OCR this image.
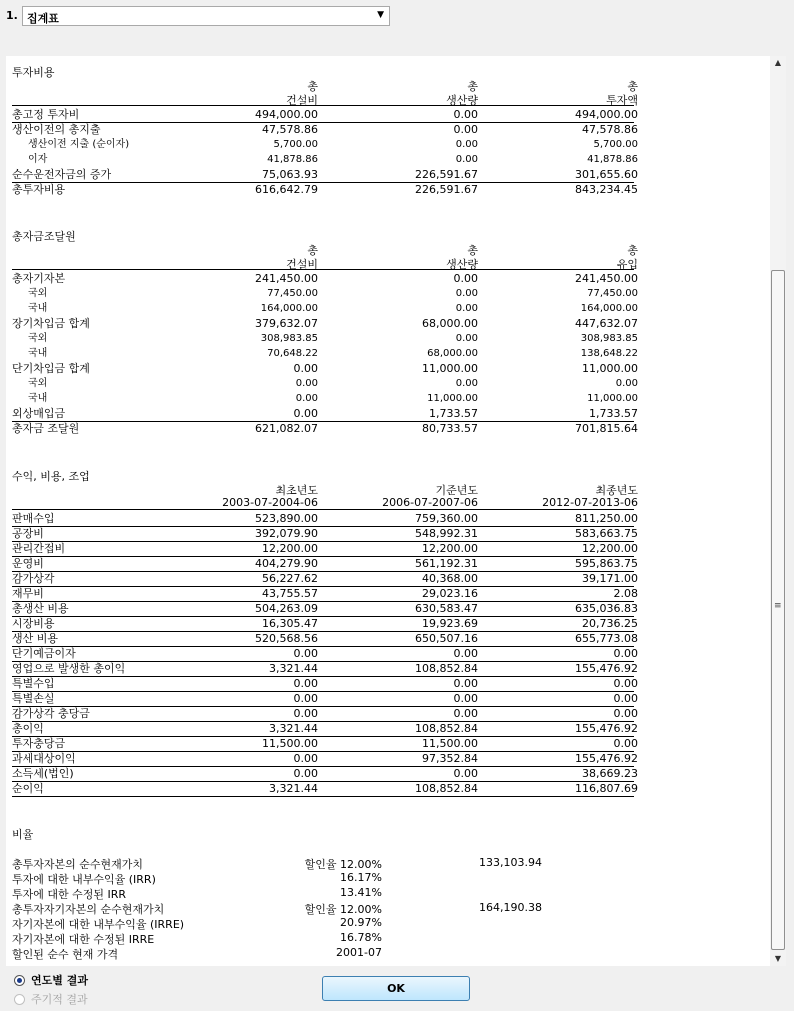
1. 집계표	▼
투자비용
총	총	총
건설비	생산량	투자액
총고정 투자비	494,000.00	0.00	494,000.00
생산이전의 총지출	47,578.86	0.00	47,578.86
생산이전 지출 (순이자)	5,700.00	0.00	5,700.00
이자	41,878.86	0.00	41,878.86
순수운전자금의 증가	75,063.93	226,591.67	301,655.60
총투자비용	616,642.79	226,591.67	843,234.45
총자금조달원
총	총	총
건설비	생산량	유입
총자기자본	241,450.00	0.00	241,450.00
국외	77,450.00	0.00	77,450.00
국내	164,000.00	0.00	164,000.00
장기차입금 합계	379,632.07	68,000.00	447,632.07
국외	308,983.85	0.00	308,983.85
국내	70,648.22	68,000.00	138,648.22
단기차입금 합계	0.00	11,000.00	11,000.00
국외	0.00	0.00	0.00
국내	0.00	11,000.00	11,000.00
외상매입금	0.00	1,733.57	1,733.57
총자금 조달원	621,082.07	80,733.57	701,815.64
수익, 비용, 조업
최초년도	기준년도	최종년도
2003-07-2004-06	2006-07-2007-06	2012-07-2013-06
판매수입	523,890.00	759,360.00	811,250.00
공장비	392,079.90	548,992.31	583,663.75
관리간접비	12,200.00	12,200.00	12,200.00
운영비	404,279.90	561,192.31	595,863.75
감가상각	56,227.62	40,368.00	39,171.00
재무비	43,755.57	29,023.16	2.08
총생산 비용	504,263.09	630,583.47	635,036.83
시장비용	16,305.47	19,923.69	20,736.25
생산 비용	520,568.56	650,507.16	655,773.08
단기예금이자	0.00	0.00	0.00
영업으로 발생한 총이익	3,321.44	108,852.84	155,476.92
특별수입	0.00	0.00	0.00
특별손실	0.00	0.00	0.00
감가상각 충당금	0.00	0.00	0.00
총이익	3,321.44	108,852.84	155,476.92
투자충당금	11,500.00	11,500.00	0.00
과세대상이익	0.00	97,352.84	155,476.92
소득세(법인)	0.00	0.00	38,669.23
순이익	3,321.44	108,852.84	116,807.69
비율
총투자자본의 순수현재가치	할인율 12.00%	133,103.94
투자에 대한 내부수익율 (IRR)	16.17%
투자에 대한 수정된 IRR	13.41%
총투자자기자본의 순수현재가치	할인율 12.00%	164,190.38
자기자본에 대한 내부수익율 (IRRE)	20.97%
자기자본에 대한 수정된 IRRE	16.78%
할인된 순수 현재 가격	2001-07
▲
≡
▼
연도별 결과
주기적 결과
OK
